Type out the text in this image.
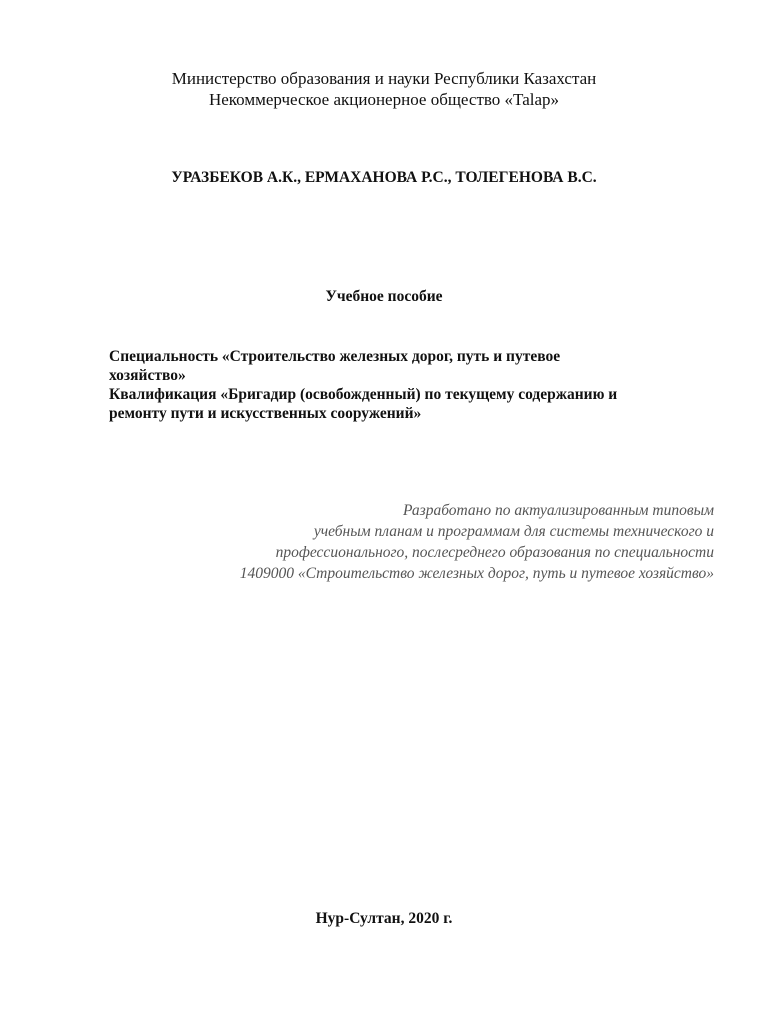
Министерство образования и науки Республики Казахстан
Некоммерческое акционерное общество «Talap»
УРАЗБЕКОВ А.К., ЕРМАХАНОВА Р.С., ТОЛЕГЕНОВА В.С.
Учебное пособие
Специальность «Строительство железных дорог, путь и путевое
хозяйство»
Квалификация «Бригадир (освобожденный) по текущему содержанию и
ремонту пути и искусственных сооружений»
Разработано по актуализированным типовым
учебным планам и программам для системы технического и
профессионального, послесреднего образования по специальности
1409000 «Строительство железных дорог, путь и путевое хозяйство»
Нур-Султан, 2020 г.
